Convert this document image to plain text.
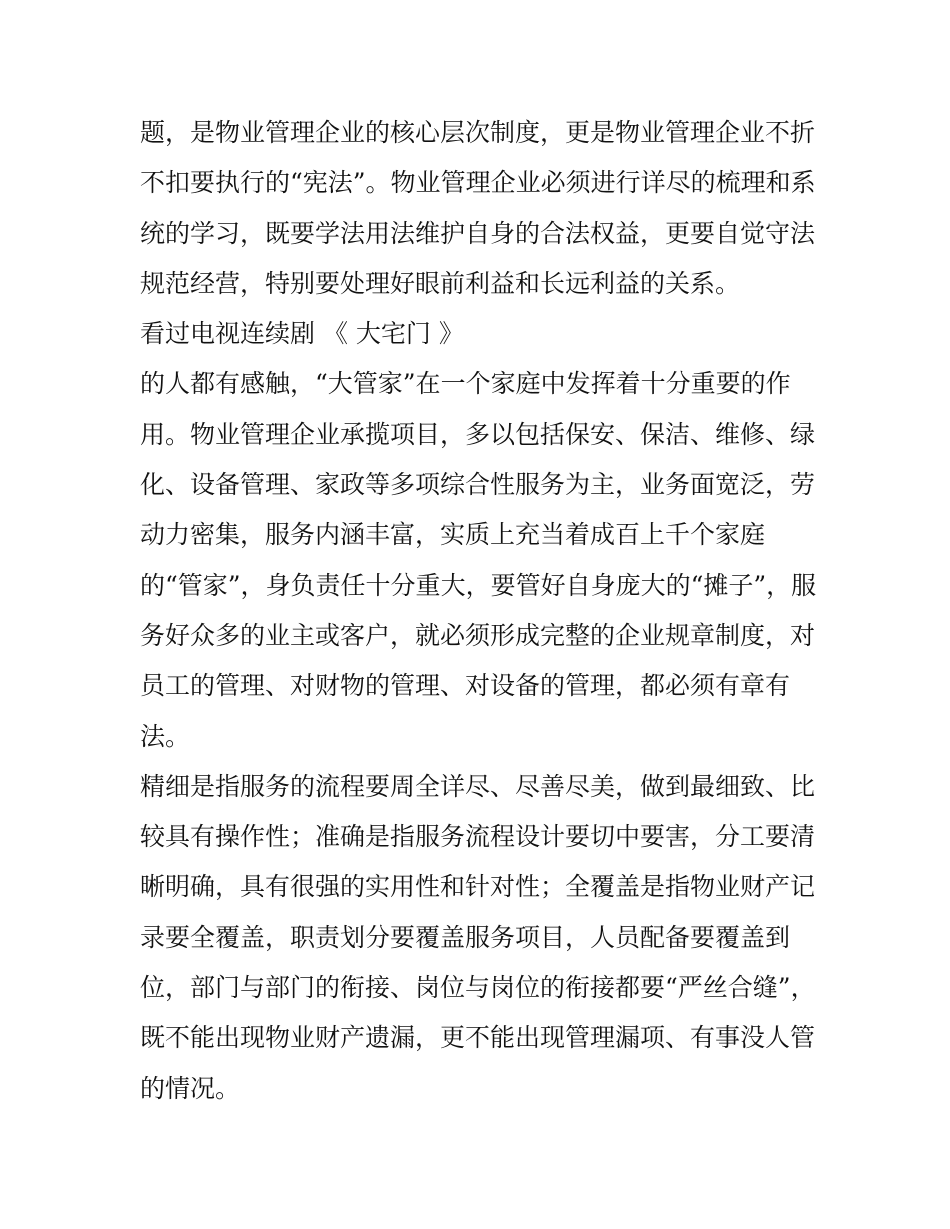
题，是物业管理企业的核心层次制度，更是物业管理企业不折
不扣要执行的“宪法”。物业管理企业必须进行详尽的梳理和系
统的学习，既要学法用法维护自身的合法权益，更要自觉守法
规范经营，特别要处理好眼前利益和长远利益的关系。
看过电视连续剧 《 大宅门 》
的人都有感触，“大管家”在一个家庭中发挥着十分重要的作
用。物业管理企业承揽项目，多以包括保安、保洁、维修、绿
化、设备管理、家政等多项综合性服务为主，业务面宽泛，劳
动力密集，服务内涵丰富，实质上充当着成百上千个家庭
的“管家”，身负责任十分重大，要管好自身庞大的“摊子”，服
务好众多的业主或客户，就必须形成完整的企业规章制度，对
员工的管理、对财物的管理、对设备的管理，都必须有章有
法。
精细是指服务的流程要周全详尽、尽善尽美，做到最细致、比
较具有操作性；准确是指服务流程设计要切中要害，分工要清
晰明确，具有很强的实用性和针对性；全覆盖是指物业财产记
录要全覆盖，职责划分要覆盖服务项目，人员配备要覆盖到
位，部门与部门的衔接、岗位与岗位的衔接都要“严丝合缝”，
既不能出现物业财产遗漏，更不能出现管理漏项、有事没人管
的情况。
